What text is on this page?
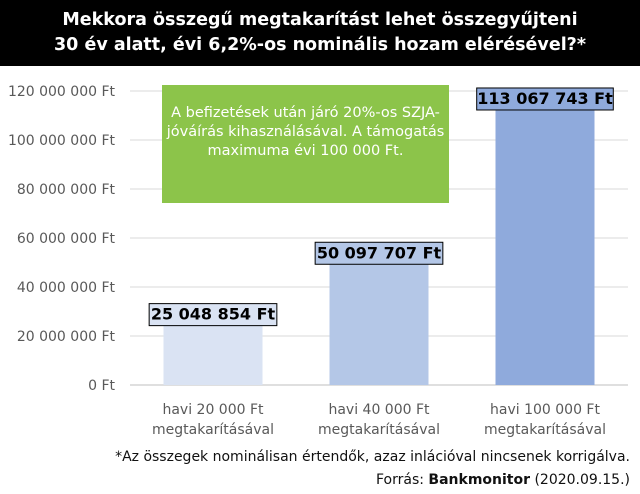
Mekkora összegű megtakarítást lehet összegyűjteni
30 év alatt, évi 6,2%-os nominális hozam elérésével?*
0 Ft
20 000 000 Ft
40 000 000 Ft
60 000 000 Ft
80 000 000 Ft
100 000 000 Ft
120 000 000 Ft
25 048 854 Ft
50 097 707 Ft
113 067 743 Ft
havi 20 000 Ft
megtakarításával
havi 40 000 Ft
megtakarításával
havi 100 000 Ft
megtakarításával
A befizetések után járó 20%-os SZJA-
jóváírás kihasználásával. A támogatás
maximuma évi 100 000 Ft.
*Az összegek nominálisan értendők, azaz inlációval nincsenek korrigálva.
Forrás: Bankmonitor (2020.09.15.)
